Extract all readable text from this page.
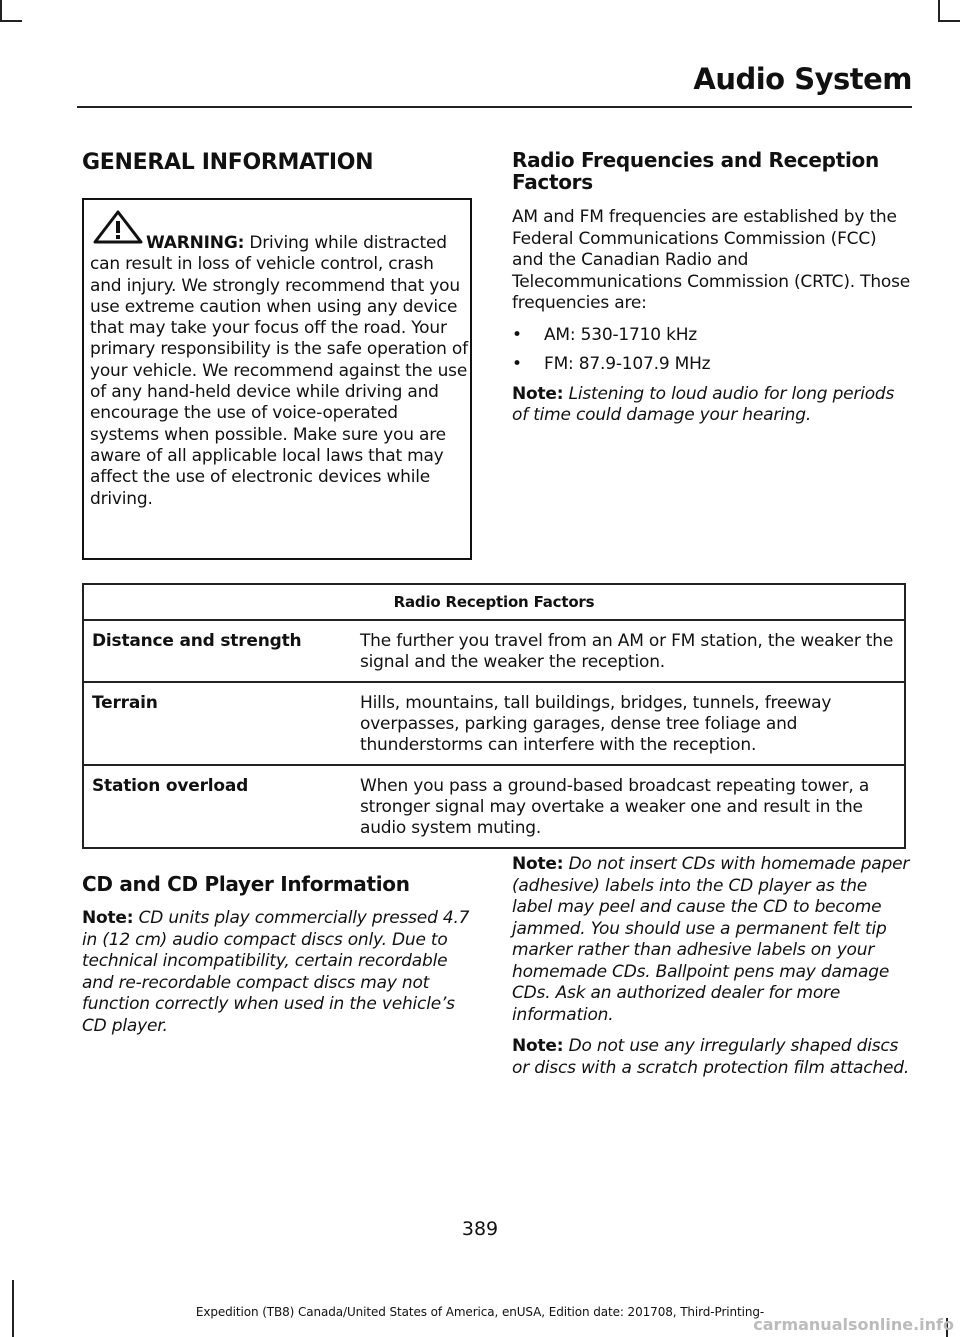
Audio System
GENERAL INFORMATION
WARNING: Driving while distracted can result in loss of vehicle control, crash and injury. We strongly recommend that you use extreme caution when using any device that may take your focus off the road. Your primary responsibility is the safe operation of your vehicle. We recommend against the use of any hand-held device while driving and encourage the use of voice-operated systems when possible. Make sure you are aware of all applicable local laws that may affect the use of electronic devices while driving.
Radio Frequencies and Reception Factors

AM and FM frequencies are established by the Federal Communications Commission (FCC) and the Canadian Radio and Telecommunications Commission (CRTC). Those frequencies are:

• AM: 530-1710 kHz
• FM: 87.9-107.9 MHz

Note: Listening to loud audio for long periods of time could damage your hearing.

Radio Reception Factors	
Distance and strength	The further you travel from an AM or FM station, the weaker the signal and the weaker the reception.
Terrain	Hills, mountains, tall buildings, bridges, tunnels, freeway overpasses, parking garages, dense tree foliage and thunderstorms can interfere with the reception.
Station overload	When you pass a ground-based broadcast repeating tower, a stronger signal may overtake a weaker one and result in the audio system muting.
CD and CD Player Information

Note: CD units play commercially pressed 4.7 in (12 cm) audio compact discs only. Due to technical incompatibility, certain recordable and re-recordable compact discs may not function correctly when used in the vehicle’s CD player.

Note: Do not insert CDs with homemade paper (adhesive) labels into the CD player as the label may peel and cause the CD to become jammed. You should use a permanent felt tip marker rather than adhesive labels on your homemade CDs. Ballpoint pens may damage CDs. Ask an authorized dealer for more information.

Note: Do not use any irregularly shaped discs or discs with a scratch protection film attached.

389
Expedition (TB8) Canada/United States of America, enUSA, Edition date: 201708, Third-Printing-
carmanualsonline.info
